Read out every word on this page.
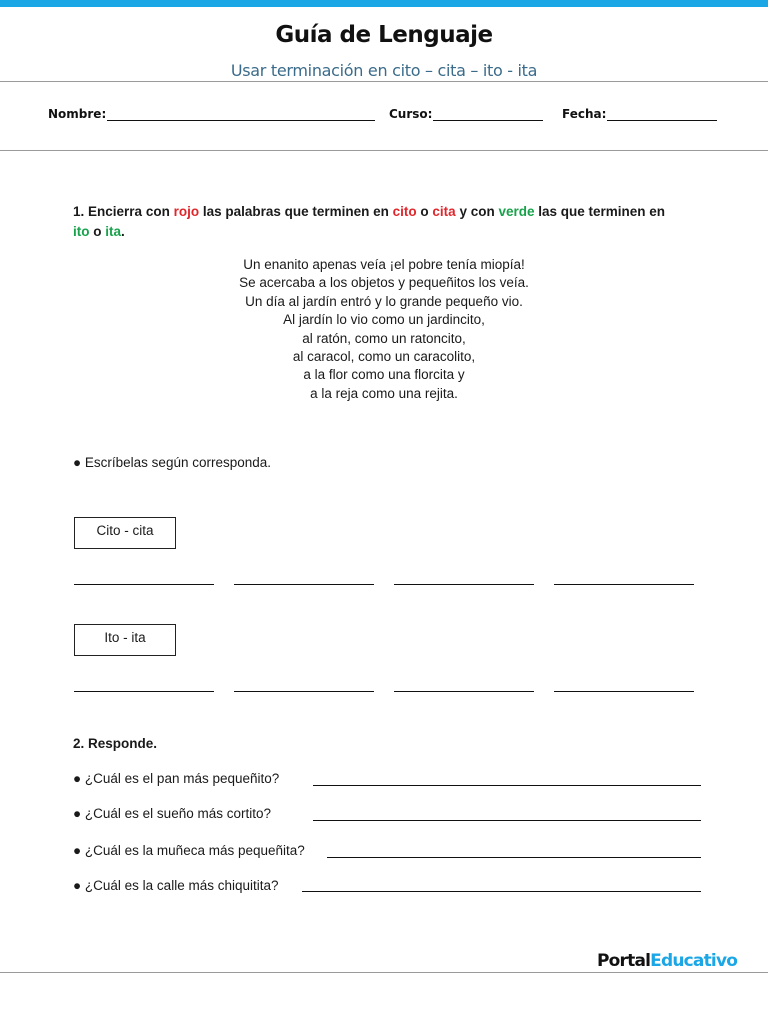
Guía de Lenguaje
Usar terminación en cito – cita – ito - ita
Nombre:	Curso:	Fecha:
1. Encierra con rojo las palabras que terminen en cito o cita y con verde las que terminen en ito o ita.
Un enanito apenas veía ¡el pobre tenía miopía!
Se acercaba a los objetos y pequeñitos los veía.
Un día al jardín entró y lo grande pequeño vio.
Al jardín lo vio como un jardincito,
al ratón, como un ratoncito,
al caracol, como un caracolito,
a la flor como una florcita y
a la reja como una rejita.
● Escríbelas según corresponda.
Cito - cita
Ito - ita
2. Responde.
● ¿Cuál es el pan más pequeñito?
● ¿Cuál es el sueño más cortito?
● ¿Cuál es la muñeca más pequeñita?
● ¿Cuál es la calle más chiquitita?
PortalEducativo
